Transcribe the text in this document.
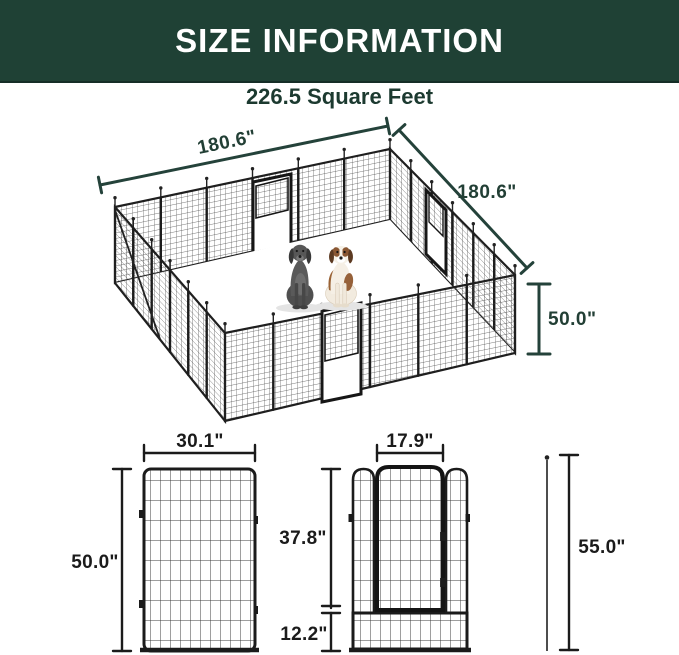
SIZE INFORMATION
226.5 Square Feet
180.6"
180.6"
50.0"
30.1"
50.0"
17.9"
37.8"
12.2"
55.0"
